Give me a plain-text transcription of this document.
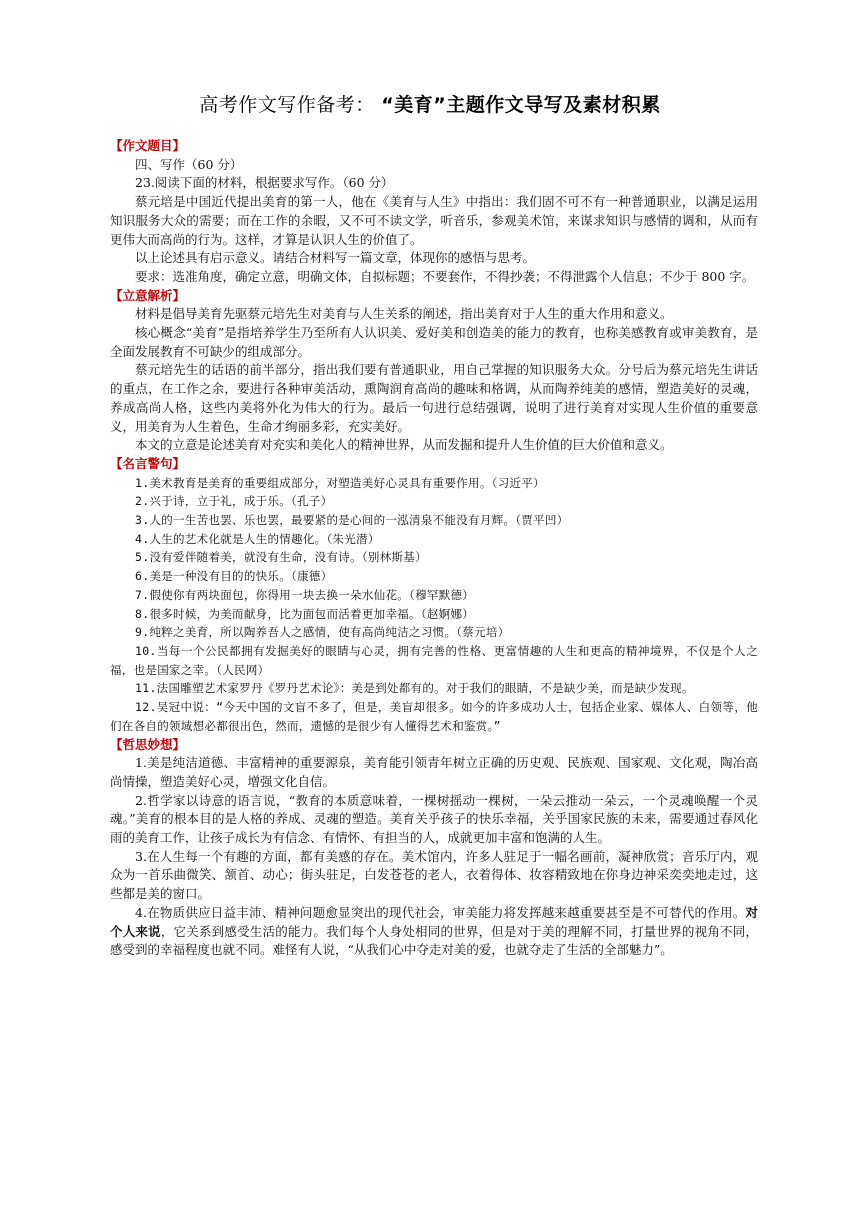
高考作文写作备考： “美育”主题作文导写及素材积累

【作文题目】

四、写作（60 分）

23.阅读下面的材料，根据要求写作。（60 分）

蔡元培是中国近代提出美育的第一人，他在《美育与人生》中指出：我们固不可不有一种普通职业，以满足运用知识服务大众的需要；而在工作的余暇，又不可不读文学，听音乐，参观美术馆，来谋求知识与感情的调和，从而有更伟大而高尚的行为。这样，才算是认识人生的价值了。

以上论述具有启示意义。请结合材料写一篇文章，体现你的感悟与思考。

要求：选准角度，确定立意，明确文体，自拟标题；不要套作，不得抄袭；不得泄露个人信息；不少于 800 字。

【立意解析】

材料是倡导美育先驱蔡元培先生对美育与人生关系的阐述，指出美育对于人生的重大作用和意义。

核心概念“美育”是指培养学生乃至所有人认识美、爱好美和创造美的能力的教育，也称美感教育或审美教育，是全面发展教育不可缺少的组成部分。

蔡元培先生的话语的前半部分，指出我们要有普通职业，用自己掌握的知识服务大众。分号后为蔡元培先生讲话的重点，在工作之余，要进行各种审美活动，熏陶润育高尚的趣味和格调，从而陶养纯美的感情，塑造美好的灵魂，养成高尚人格，这些内美将外化为伟大的行为。最后一句进行总结强调，说明了进行美育对实现人生价值的重要意义，用美育为人生着色，生命才绚丽多彩，充实美好。

本文的立意是论述美育对充实和美化人的精神世界，从而发掘和提升人生价值的巨大价值和意义。

【名言警句】

1.美术教育是美育的重要组成部分，对塑造美好心灵具有重要作用。（习近平）

2.兴于诗，立于礼，成于乐。（孔子）

3.人的一生苦也罢、乐也罢，最要紧的是心间的一泓清泉不能没有月辉。（贾平凹）

4.人生的艺术化就是人生的情趣化。（朱光潜）

5.没有爱伴随着美，就没有生命，没有诗。（别林斯基）

6.美是一种没有目的的快乐。（康德）

7.假使你有两块面包，你得用一块去换一朵水仙花。（穆罕默德）

8.很多时候，为美而献身，比为面包而活着更加幸福。（赵婀娜）

9.纯粹之美育，所以陶养吾人之感情，使有高尚纯洁之习惯。（蔡元培）

10.当每一个公民都拥有发掘美好的眼睛与心灵，拥有完善的性格、更富情趣的人生和更高的精神境界，不仅是个人之福，也是国家之幸。（人民网）

11.法国雕塑艺术家罗丹《罗丹艺术论》：美是到处都有的。对于我们的眼睛，不是缺少美，而是缺少发现。

12.吴冠中说：“今天中国的文盲不多了，但是，美盲却很多。如今的许多成功人士，包括企业家、媒体人、白领等，他们在各自的领域想必都很出色，然而，遗憾的是很少有人懂得艺术和鉴赏。”

【哲思妙想】

1.美是纯洁道德、丰富精神的重要源泉，美育能引领青年树立正确的历史观、民族观、国家观、文化观，陶冶高尚情操，塑造美好心灵，增强文化自信。

2.哲学家以诗意的语言说，“教育的本质意味着，一棵树摇动一棵树，一朵云推动一朵云，一个灵魂唤醒一个灵魂。”美育的根本目的是人格的养成、灵魂的塑造。美育关乎孩子的快乐幸福，关乎国家民族的未来，需要通过春风化雨的美育工作，让孩子成长为有信念、有情怀、有担当的人，成就更加丰富和饱满的人生。

3.在人生每一个有趣的方面，都有美感的存在。美术馆内，许多人驻足于一幅名画前，凝神欣赏；音乐厅内，观众为一首乐曲微笑、颔首、动心；街头驻足，白发苍苍的老人，衣着得体、妆容精致地在你身边神采奕奕地走过，这些都是美的窗口。

4.在物质供应日益丰沛、精神问题愈显突出的现代社会，审美能力将发挥越来越重要甚至是不可替代的作用。对个人来说，它关系到感受生活的能力。我们每个人身处相同的世界，但是对于美的理解不同，打量世界的视角不同，感受到的幸福程度也就不同。难怪有人说，“从我们心中夺走对美的爱，也就夺走了生活的全部魅力”。
